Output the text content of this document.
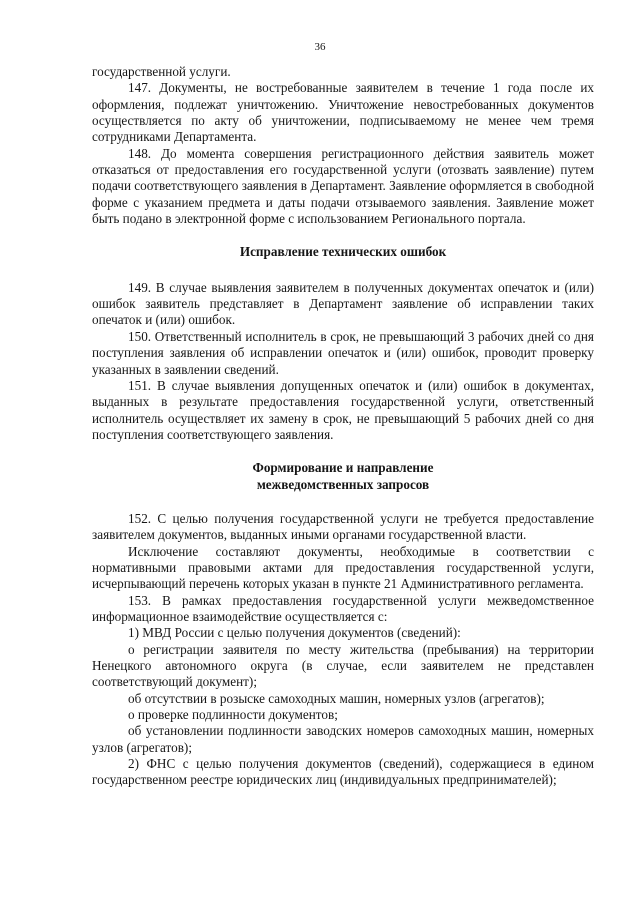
36

государственной услуги.

147. Документы, не востребованные заявителем в течение 1 года после их оформления, подлежат уничтожению. Уничтожение невостребованных документов осуществляется по акту об уничтожении, подписываемому не менее чем тремя сотрудниками Департамента.

148. До момента совершения регистрационного действия заявитель может отказаться от предоставления его государственной услуги (отозвать заявление) путем подачи соответствующего заявления в Департамент. Заявление оформляется в свободной форме с указанием предмета и даты подачи отзываемого заявления. Заявление может быть подано в электронной форме с использованием Регионального портала.

Исправление технических ошибок

149. В случае выявления заявителем в полученных документах опечаток и (или) ошибок заявитель представляет в Департамент заявление об исправлении таких опечаток и (или) ошибок.

150. Ответственный исполнитель в срок, не превышающий 3 рабочих дней со дня поступления заявления об исправлении опечаток и (или) ошибок, проводит проверку указанных в заявлении сведений.

151. В случае выявления допущенных опечаток и (или) ошибок в документах, выданных в результате предоставления государственной услуги, ответственный исполнитель осуществляет их замену в срок, не превышающий 5 рабочих дней со дня поступления соответствующего заявления.

Формирование и направление

межведомственных запросов

152. С целью получения государственной услуги не требуется предоставление заявителем документов, выданных иными органами государственной власти.

Исключение составляют документы, необходимые в соответствии с нормативными правовыми актами для предоставления государственной услуги, исчерпывающий перечень которых указан в пункте 21 Административного регламента.

153. В рамках предоставления государственной услуги межведомственное информационное взаимодействие осуществляется с:

1) МВД России с целью получения документов (сведений):

о регистрации заявителя по месту жительства (пребывания) на территории Ненецкого автономного округа (в случае, если заявителем не представлен соответствующий документ);

об отсутствии в розыске самоходных машин, номерных узлов (агрегатов);

о проверке подлинности документов;

об установлении подлинности заводских номеров самоходных машин, номерных узлов (агрегатов);

2) ФНС с целью получения документов (сведений), содержащиеся в едином государственном реестре юридических лиц (индивидуальных предпринимателей);
